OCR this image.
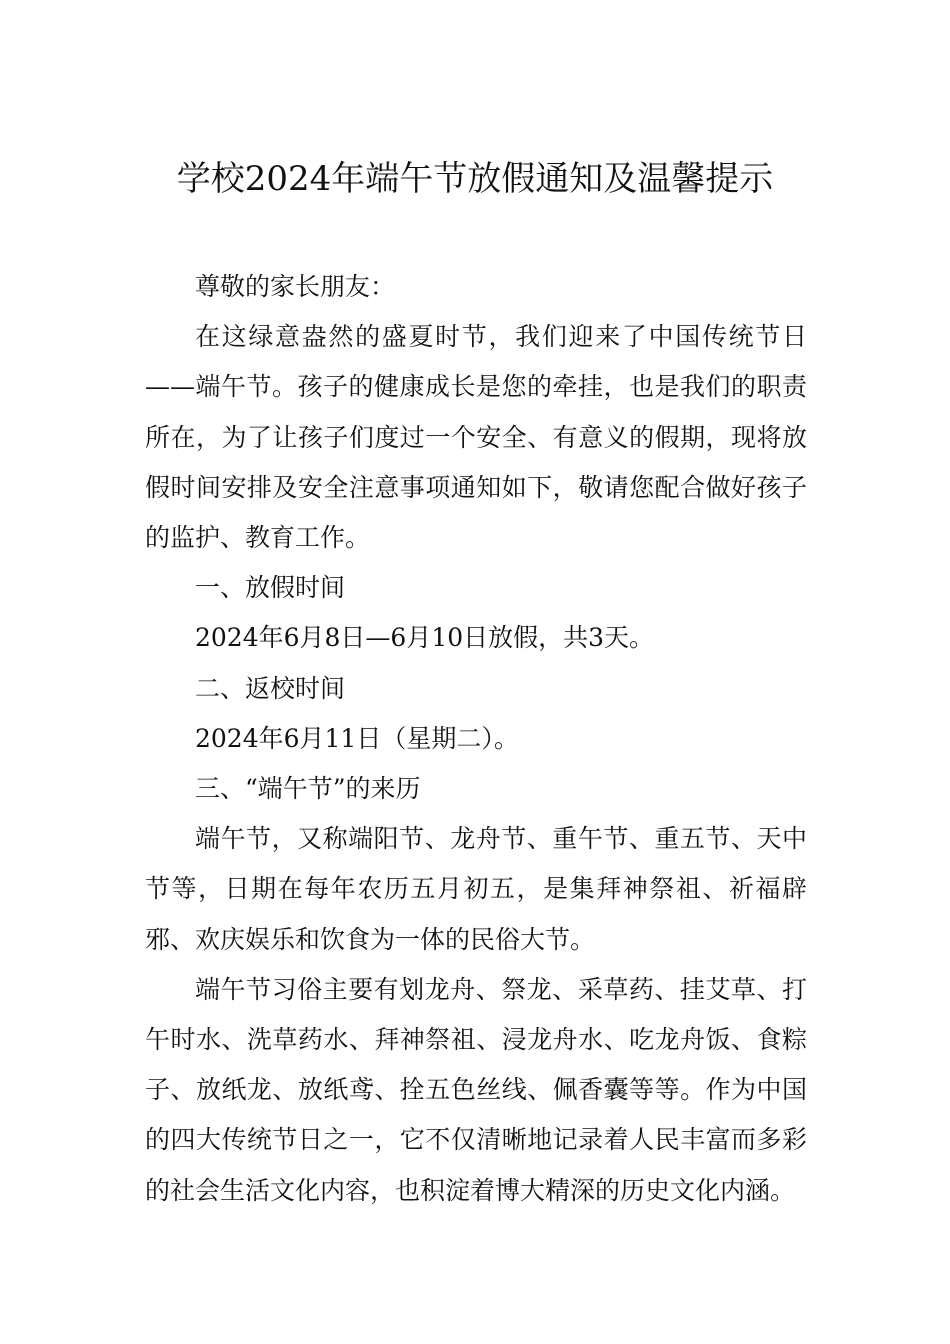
学校2024年端午节放假通知及温馨提示

尊敬的家长朋友：

在这绿意盎然的盛夏时节，我们迎来了中国传统节日——端午节。孩子的健康成长是您的牵挂，也是我们的职责所在，为了让孩子们度过一个安全、有意义的假期，现将放假时间安排及安全注意事项通知如下，敬请您配合做好孩子的监护、教育工作。

一、放假时间

2024年6月8日—6月10日放假，共3天。

二、返校时间

2024年6月11日（星期二）。

三、“端午节”的来历

端午节，又称端阳节、龙舟节、重午节、重五节、天中节等，日期在每年农历五月初五，是集拜神祭祖、祈福辟邪、欢庆娱乐和饮食为一体的民俗大节。

端午节习俗主要有划龙舟、祭龙、采草药、挂艾草、打午时水、洗草药水、拜神祭祖、浸龙舟水、吃龙舟饭、食粽子、放纸龙、放纸鸢、拴五色丝线、佩香囊等等。作为中国的四大传统节日之一，它不仅清晰地记录着人民丰富而多彩的社会生活文化内容，也积淀着博大精深的历史文化内涵。
